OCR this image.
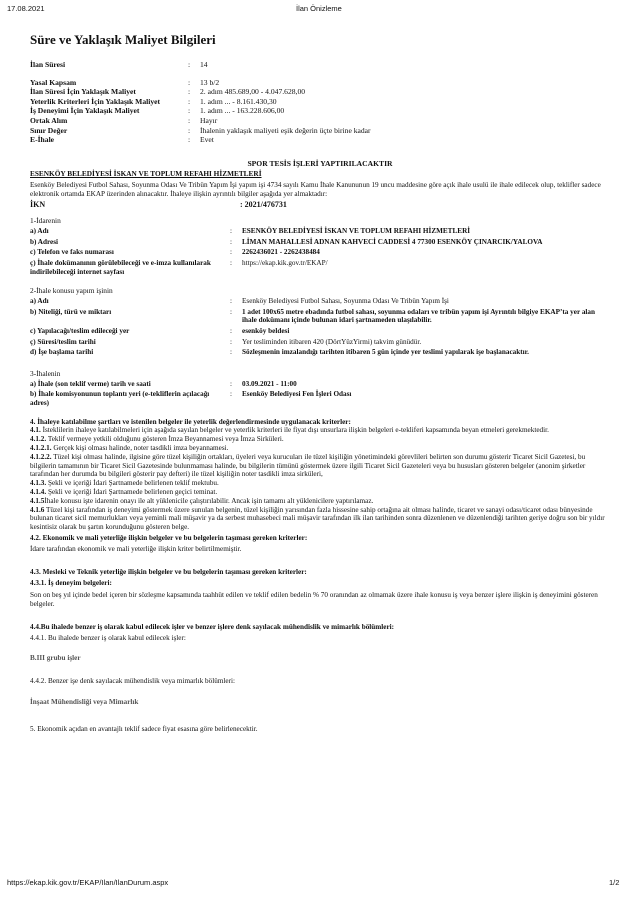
17.08.2021	İlan Önizleme
Süre ve Yaklaşık Maliyet Bilgileri
İlan Süresi	:	14
Yasal Kapsam	:	13 b/2
İlan Süresi İçin Yaklaşık Maliyet	:	2. adım 485.689,00 - 4.047.628,00
Yeterlik Kriterleri İçin Yaklaşık Maliyet	:	1. adım ... - 8.161.430,30
İş Deneyimi İçin Yaklaşık Maliyet	:	1. adım ... - 163.228.606,00
Ortak Alım	:	Hayır
Sınır Değer	:	İhalenin yaklaşık maliyeti eşik değerin üçte birine kadar
E-İhale	:	Evet
SPOR TESİS İŞLERİ YAPTIRILACAKTIR
ESENKÖY BELEDİYESİ İSKAN VE TOPLUM REFAHI HİZMETLERİ
Esenköy Belediyesi Futbol Sahası, Soyunma Odası Ve Tribün Yapım İşi yapım işi 4734 sayılı Kamu İhale Kanununun 19 uncu maddesine göre açık ihale usulü ile ihale edilecek olup, teklifler sadece elektronik ortamda EKAP üzerinden alınacaktır. İhaleye ilişkin ayrıntılı bilgiler aşağıda yer almaktadır:
İKN	: 2021/476731
1-İdarenin
a) Adı	:	ESENKÖY BELEDİYESİ İSKAN VE TOPLUM REFAHI HİZMETLERİ
b) Adresi	:	LİMAN MAHALLESİ ADNAN KAHVECİ CADDESİ 4 77300 ESENKÖY ÇINARCIK/YALOVA
c) Telefon ve faks numarası	:	2262436021 - 2262438484
ç) İhale dokümanının görülebileceği ve e-imza kullanılarak indirilebileceği internet sayfası
:	https://ekap.kik.gov.tr/EKAP/
2-İhale konusu yapım işinin
a) Adı	:	Esenköy Belediyesi Futbol Sahası, Soyunma Odası Ve Tribün Yapım İşi
b) Niteliği, türü ve miktarı	:	1 adet 100x65 metre ebadında futbol sahası, soyunma odaları ve tribün yapım işi Ayrıntılı bilgiye EKAP’ta yer alan ihale dokümanı içinde bulunan idari şartnameden ulaşılabilir.
c) Yapılacağı/teslim edileceği yer	:	esenköy beldesi
ç) Süresi/teslim tarihi	:	Yer tesliminden itibaren 420 (DörtYüzYirmi) takvim günüdür.
d) İşe başlama tarihi	:	Sözleşmenin imzalandığı tarihten itibaren 5 gün içinde yer teslimi yapılarak işe başlanacaktır.
3-İhalenin
a) İhale (son teklif verme) tarih ve saati	:	03.09.2021 - 11:00
b) İhale komisyonunun toplantı yeri (e-tekliflerin açılacağı adres)
:	Esenköy Belediyesi Fen İşleri Odası
4. İhaleye katılabilme şartları ve istenilen belgeler ile yeterlik değerlendirmesinde uygulanacak kriterler:
4.1. İsteklilerin ihaleye katılabilmeleri için aşağıda sayılan belgeler ve yeterlik kriterleri ile fiyat dışı unsurlara ilişkin belgeleri e-tekliferi kapsamında beyan etmeleri gerekmektedir.
4.1.2. Teklif vermeye yetkili olduğunu gösteren İmza Beyannamesi veya İmza Sirküleri.
4.1.2.1. Gerçek kişi olması halinde, noter tasdikli imza beyannamesi.
4.1.2.2. Tüzel kişi olması halinde, ilgisine göre tüzel kişiliğin ortakları, üyeleri veya kurucuları ile tüzel kişiliğin yönetimindeki görevlileri belirten son durumu gösterir Ticaret Sicil Gazetesi, bu bilgilerin tamamının bir Ticaret Sicil Gazetesinde bulunmaması halinde, bu bilgilerin tümünü göstermek üzere ilgili Ticaret Sicil Gazeteleri veya bu hususları gösteren belgeler (anonim şirketler tarafından her durumda bu bilgileri gösterir pay defteri) ile tüzel kişiliğin noter tasdikli imza sirküleri,
4.1.3. Şekli ve içeriği İdari Şartnamede belirlenen teklif mektubu.
4.1.4. Şekli ve içeriği İdari Şartnamede belirlenen geçici teminat.
4.1.5İhale konusu işte idarenin onayı ile alt yüklenicile çalıştırılabilir. Ancak işin tamamı alt yüklenicilere yaptırılamaz.
4.1.6 Tüzel kişi tarafından iş deneyimi göstermek üzere sunulan belgenin, tüzel kişiliğin yarısından fazla hissesine sahip ortağına ait olması halinde, ticaret ve sanayi odası/ticaret odası bünyesinde bulunan ticaret sicil memurlukları veya yeminli mali müşavir ya da serbest muhasebeci mali müşavir tarafından ilk ilan tarihinden sonra düzenlenen ve düzenlendiği tarihten geriye doğru son bir yıldır kesintisiz olarak bu şartın korunduğunu gösteren belge.
4.2. Ekonomik ve mali yeterliğe ilişkin belgeler ve bu belgelerin taşıması gereken kriterler:
İdare tarafından ekonomik ve mali yeterliğe ilişkin kriter belirtilmemiştir.
4.3. Mesleki ve Teknik yeterliğe ilişkin belgeler ve bu belgelerin taşıması gereken kriterler:
4.3.1. İş deneyim belgeleri:
Son on beş yıl içinde bedel içeren bir sözleşme kapsamında taahhüt edilen ve teklif edilen bedelin % 70 oranından az olmamak üzere ihale konusu iş veya benzer işlere ilişkin iş deneyimini gösteren belgeler.
4.4.Bu ihalede benzer iş olarak kabul edilecek işler ve benzer işlere denk sayılacak mühendislik ve mimarlık bölümleri:
4.4.1. Bu ihalede benzer iş olarak kabul edilecek işler:
B.III grubu işler
4.4.2. Benzer işe denk sayılacak mühendislik veya mimarlık bölümleri:
İnşaat Mühendisliği veya Mimarlık
5. Ekonomik açıdan en avantajlı teklif sadece fiyat esasına göre belirlenecektir.
https://ekap.kik.gov.tr/EKAP/Ilan/IlanDurum.aspx	1/2
